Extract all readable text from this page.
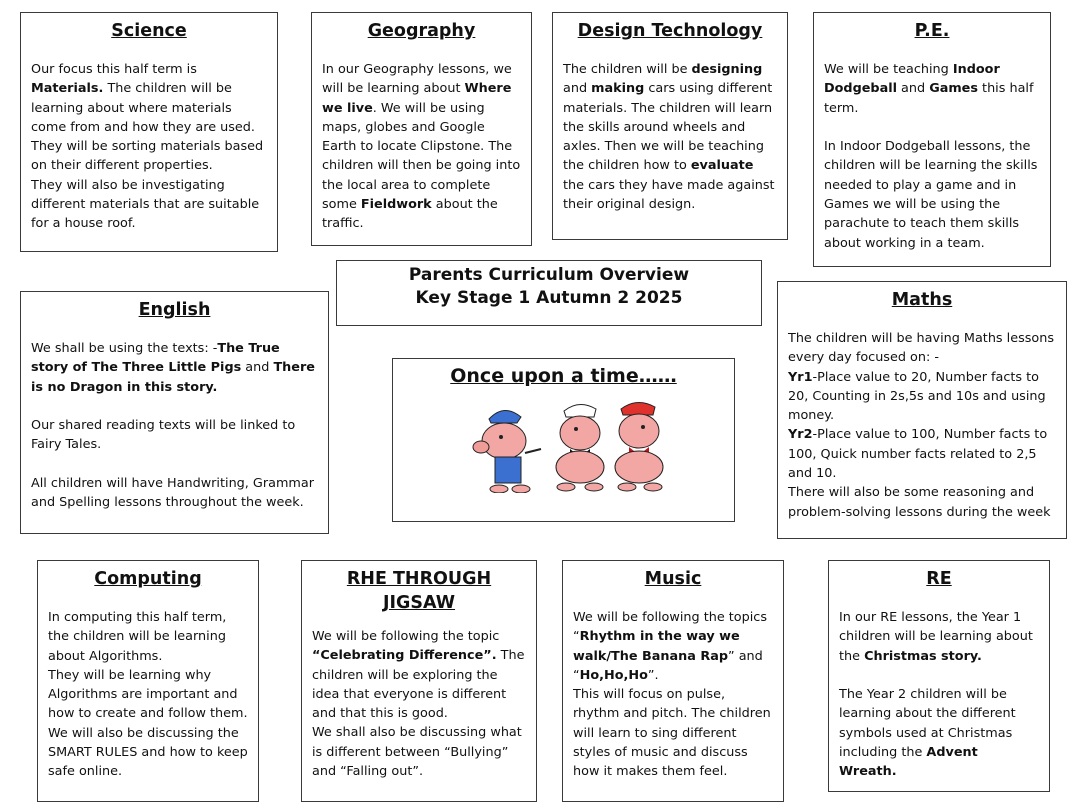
Science

Our focus this half term is Materials. The children will be learning about where materials come from and how they are used. They will be sorting materials based on their different properties.

They will also be investigating different materials that are suitable for a house roof.

Geography

In our Geography lessons, we will be learning about Where we live. We will be using maps, globes and Google Earth to locate Clipstone. The children will then be going into the local area to complete some Fieldwork about the traffic.

Design Technology

The children will be designing and making cars using different materials. The children will learn the skills around wheels and axles. Then we will be teaching the children how to evaluate the cars they have made against their original design.

P.E.

We will be teaching Indoor Dodgeball and Games this half term.

In Indoor Dodgeball lessons, the children will be learning the skills needed to play a game and in Games we will be using the parachute to teach them skills about working in a team.

Parents Curriculum Overview
Key Stage 1 Autumn 2 2025
English

We shall be using the texts: -The True story of The Three Little Pigs and There is no Dragon in this story.

Our shared reading texts will be linked to Fairy Tales.

All children will have Handwriting, Grammar and Spelling lessons throughout the week.

Once upon a time……
Maths

The children will be having Maths lessons every day focused on: -

Yr1-Place value to 20, Number facts to 20, Counting in 2s,5s and 10s and using money.

Yr2-Place value to 100, Number facts to 100, Quick number facts related to 2,5 and 10.

There will also be some reasoning and problem-solving lessons during the week

Computing

In computing this half term, the children will be learning about Algorithms.

They will be learning why Algorithms are important and how to create and follow them.

We will also be discussing the SMART RULES and how to keep safe online.

RHE THROUGH JIGSAW

We will be following the topic “Celebrating Difference”. The children will be exploring the idea that everyone is different and that this is good.

We shall also be discussing what is different between “Bullying” and “Falling out”.

Music

We will be following the topics “Rhythm in the way we walk/The Banana Rap” and “Ho,Ho,Ho”.

This will focus on pulse, rhythm and pitch. The children will learn to sing different styles of music and discuss how it makes them feel.

RE

In our RE lessons, the Year 1 children will be learning about the Christmas story.

The Year 2 children will be learning about the different symbols used at Christmas including the Advent Wreath.
